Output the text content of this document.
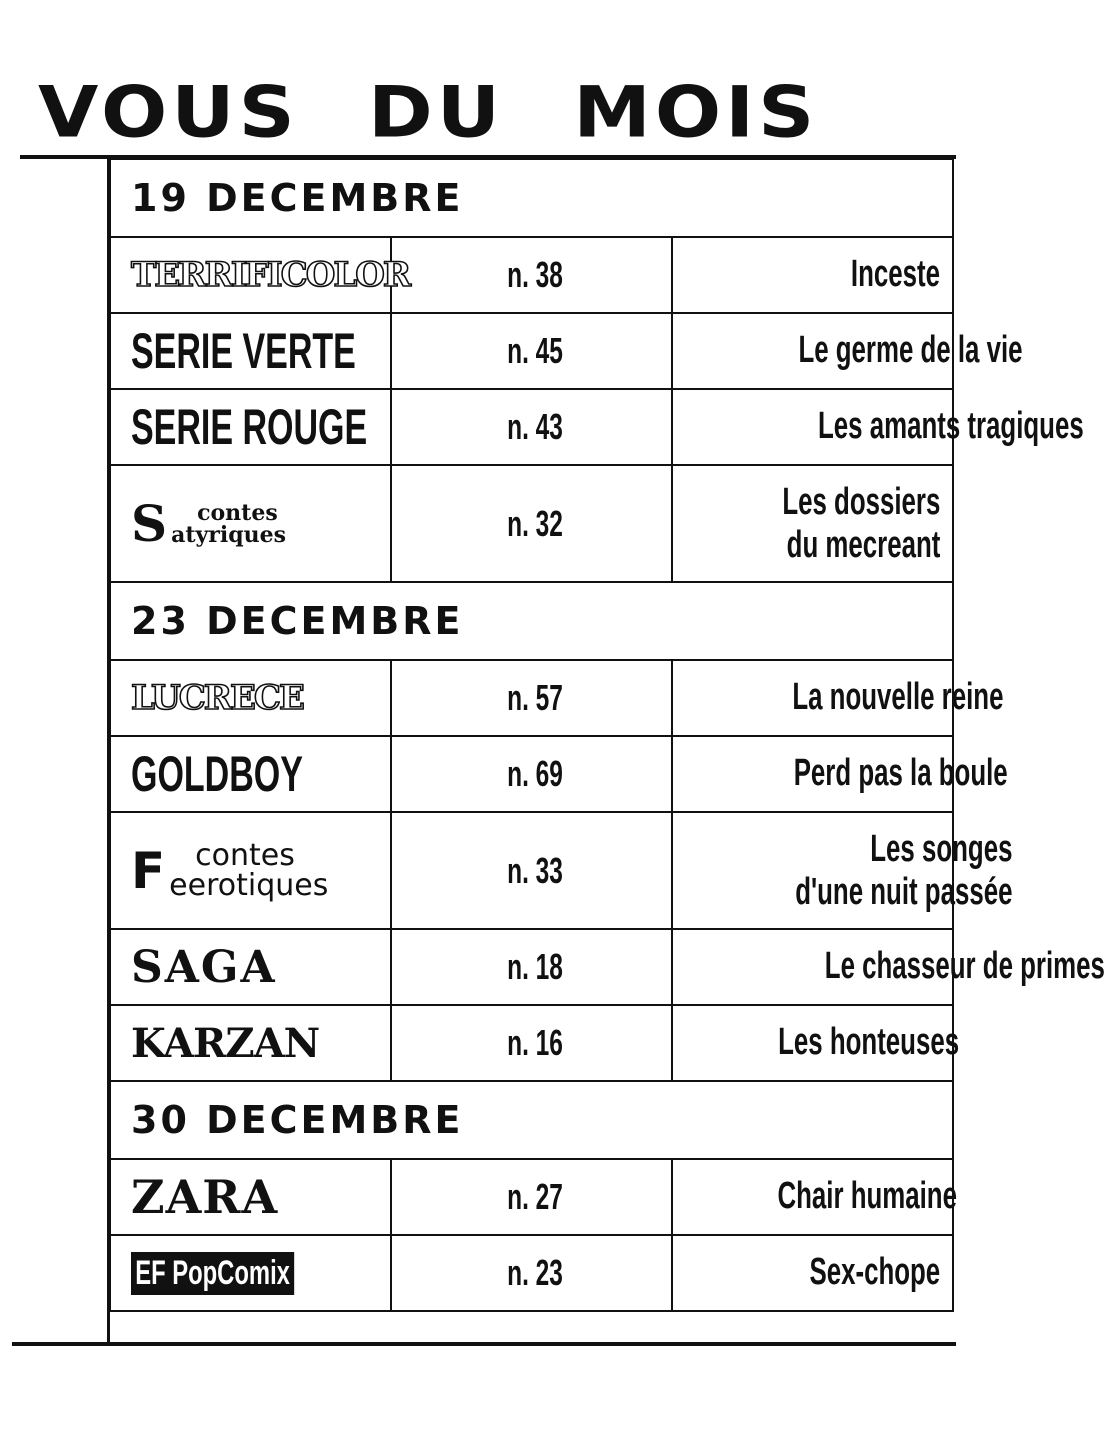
VOUS DU MOIS
19 DECEMBRE		
TERRIFICOLOR	n. 38	Inceste
SERIE VERTE	n. 45	Le germe de la vie
SERIE ROUGE	n. 43	Les amants tragiques

S contes
atyriques	n. 32	Les dossiers
du mecreant
23 DECEMBRE		
LUCRECE	n. 57	La nouvelle reine
GOLDBOY	n. 69	Perd pas la boule

F contes
eerotiques	n. 33	Les songes
d'une nuit passée
SAGA	n. 18	Le chasseur de primes
KARZAN	n. 16	Les honteuses
30 DECEMBRE		
ZARA	n. 27	Chair humaine
EF PopComix	n. 23	Sex-chope
